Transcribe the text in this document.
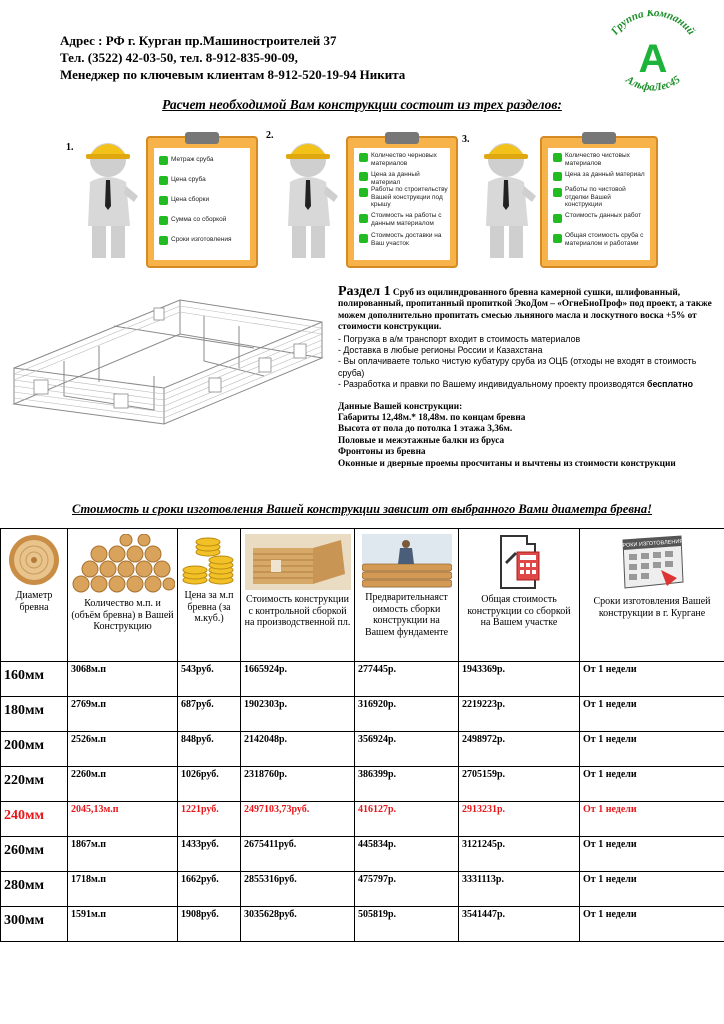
Адрес : РФ г. Курган пр.Машиностроителей 37
Тел. (3522) 42-03-50, тел. 8-912-835-90-09,
Менеджер по ключевым клиентам 8-912-520-19-94 Никита
Группа Компаний
А
АльфаЛес45
Расчет необходимой Вам конструкции состоит из трех разделов:
1.
Метраж сруба
Цена сруба
Цена сборки
Сумма со сборкой
Сроки изготовления
2.
Количество черновых материалов
Цена за данный материал
Работы по строительству Вашей конструкции под крышу
Стоимость на работы с данным материалом
Стоимость доставки на Ваш участок
3.
Количество чистовых материалов
Цена за данный материал
Работы по чистовой отделки Вашей конструкции
Стоимость данных работ
Общая стоимость сруба с материалом и работами
Раздел 1 Сруб из оцилиндрованного бревна камерной сушки, шлифованный, полированный, пропитанный пропиткой ЭкоДом – «ОгнеБиоПроф» под проект, а также можем дополнительно пропитать смесью льняного масла и лоскутного воска +5% от стоимости конструкции.
- Погрузка в а/м транспорт входит в стоимость материалов
- Доставка в любые регионы России и Казахстана
- Вы оплачиваете только чистую кубатуру сруба из ОЦБ (отходы не входят в стоимость сруба)
- Разработка и правки по Вашему индивидуальному проекту производятся бесплатно
Данные Вашей конструкции:
Габариты 12,48м.* 18,48м. по концам бревна
Высота от пола до потолка 1 этажа 3,36м.
Половые и межэтажные балки из бруса
Фронтоны из бревна
Оконные и дверные проемы просчитаны и вычтены из стоимости конструкции
Стоимость и сроки изготовления Вашей конструкции зависит от выбранного Вами диаметра бревна!
Диаметр бревна	Количество м.п. и (объём бревна) в Вашей Конструкцию	Цена за м.п бревна (за м.куб.)	Стоимость конструкции с контрольной сборкой на производственной пл.	Предварительнаяст оимость сборки конструкции на Вашем фундаменте	Общая стоимость конструкции со сборкой на Вашем участке	СРОКИ ИЗГОТОВЛЕНИЯ
Сроки изготовления Вашей конструкции в г. Кургане
160мм	3068м.п	543руб.	1665924р.	277445р.	1943369р.	От 1 недели
180мм	2769м.п	687руб.	1902303р.	316920р.	2219223р.	От 1 недели
200мм	2526м.п	848руб.	2142048р.	356924р.	2498972р.	От 1 недели
220мм	2260м.п	1026руб.	2318760р.	386399р.	2705159р.	От 1 недели
240мм	2045,13м.п	1221руб.	2497103,73руб.	416127р.	2913231р.	От 1 недели
260мм	1867м.п	1433руб.	2675411руб.	445834р.	3121245р.	От 1 недели
280мм	1718м.п	1662руб.	2855316руб.	475797р.	3331113р.	От 1 недели
300мм	1591м.п	1908руб.	3035628руб.	505819р.	3541447р.	От 1 недели
